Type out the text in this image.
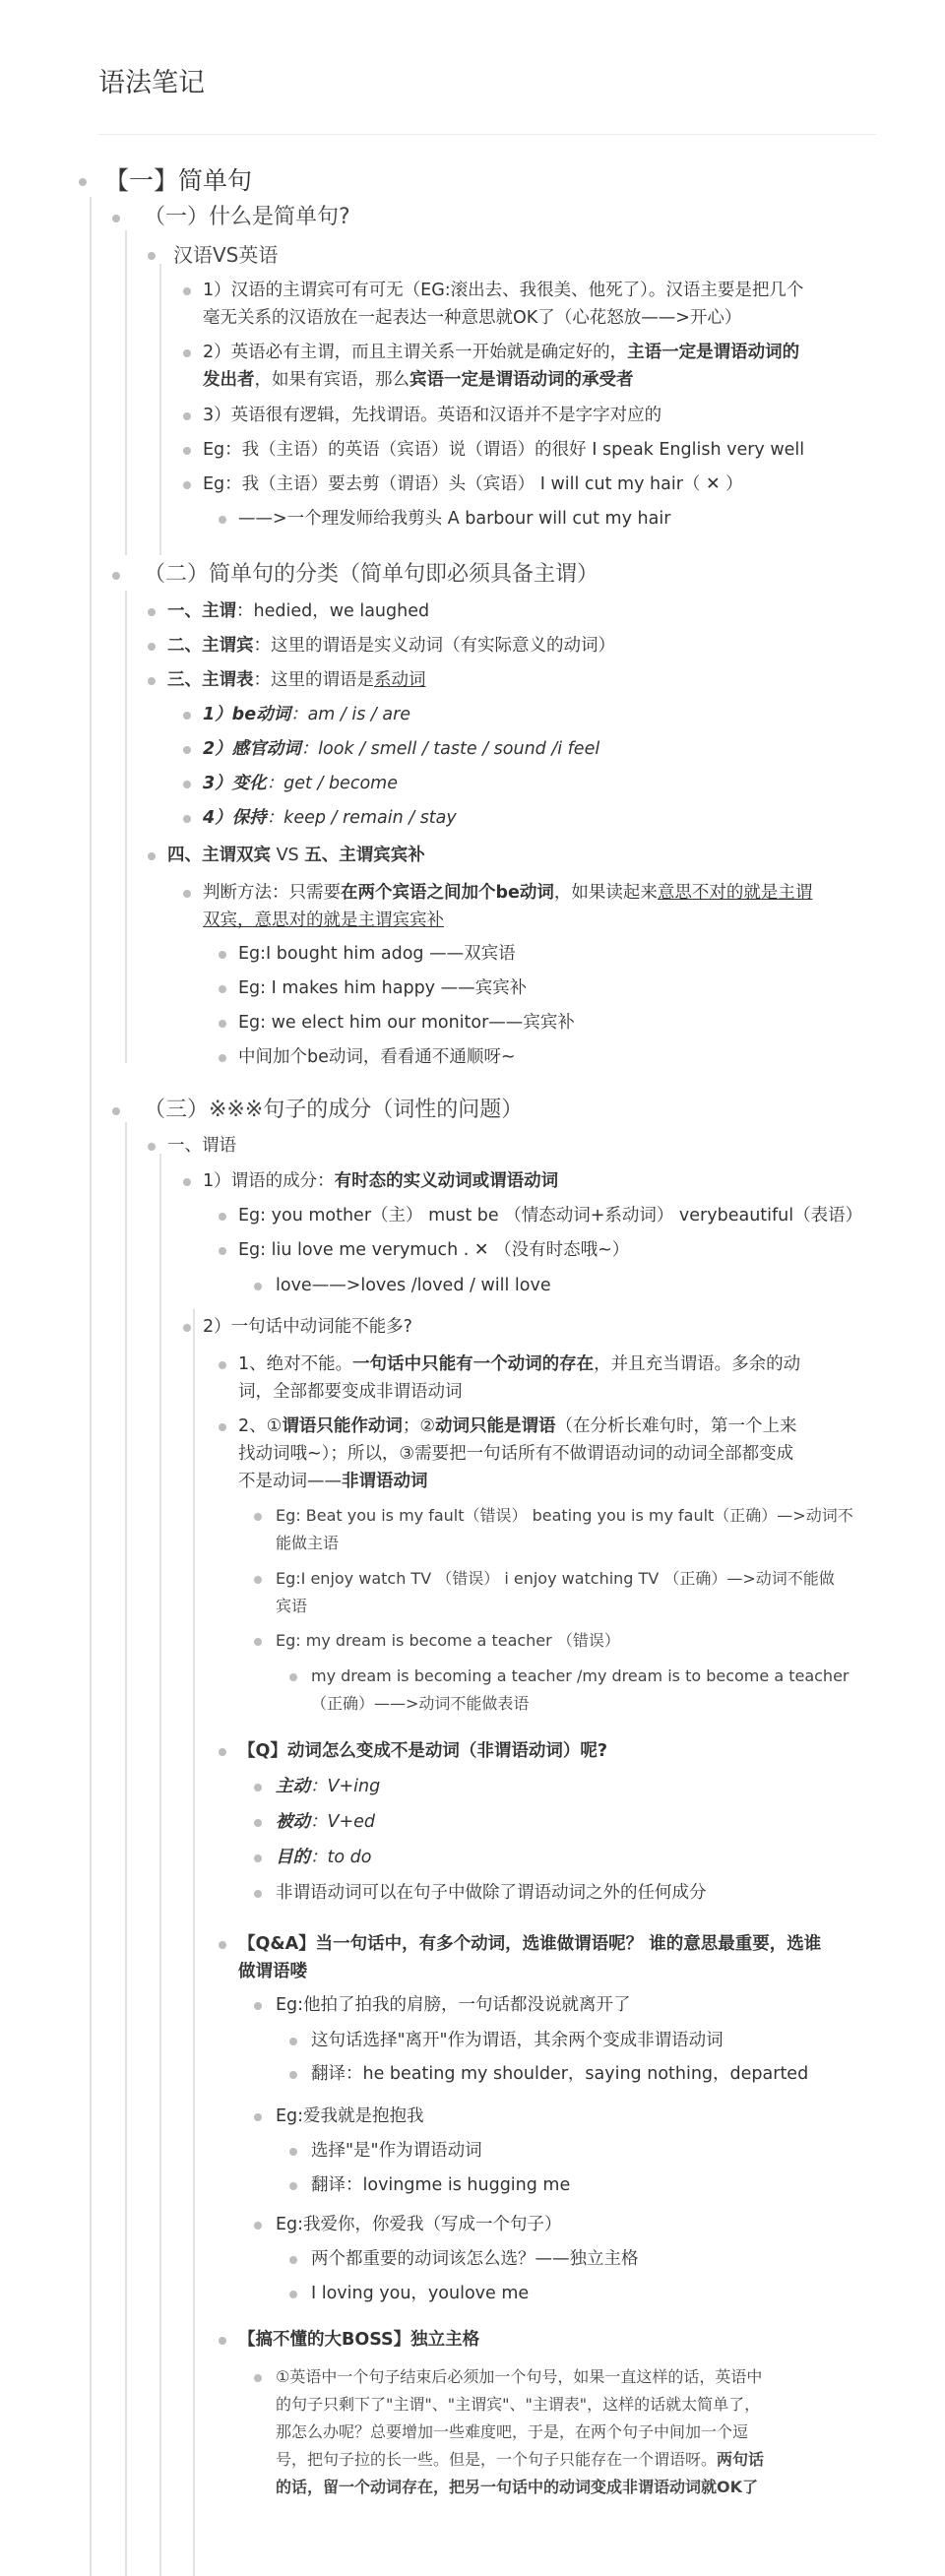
语法笔记
【一】简单句
（一）什么是简单句?
汉语VS英语
1）汉语的主谓宾可有可无（EG:滚出去、我很美、他死了）。汉语主要是把几个
毫无关系的汉语放在一起表达一种意思就OK了（心花怒放——>开心）
2）英语必有主谓，而且主谓关系一开始就是确定好的，主语一定是谓语动词的
发出者，如果有宾语，那么宾语一定是谓语动词的承受者
3）英语很有逻辑，先找谓语。英语和汉语并不是字字对应的
Eg：我（主语）的英语（宾语）说（谓语）的很好 I speak English very well
Eg：我（主语）要去剪（谓语）头（宾语） I will cut my hair（ ✕ ）
——>一个理发师给我剪头 A barbour will cut my hair
（二）简单句的分类（简单句即必须具备主谓）
一、主谓：hedied，we laughed
二、主谓宾：这里的谓语是实义动词（有实际意义的动词）
三、主谓表：这里的谓语是系动词
1）be动词：am / is / are
2）感官动词：look / smell / taste / sound /i feel
3）变化：get / become
4）保持：keep / remain / stay
四、主谓双宾 VS 五、主谓宾宾补
判断方法：只需要在两个宾语之间加个be动词，如果读起来意思不对的就是主谓
双宾，意思对的就是主谓宾宾补
Eg:I bought him adog ——双宾语
Eg: I makes him happy ——宾宾补
Eg: we elect him our monitor——宾宾补
中间加个be动词，看看通不通顺呀~
（三）※※※句子的成分（词性的问题）
一、谓语
1）谓语的成分：有时态的实义动词或谓语动词
Eg: you mother（主） must be （情态动词+系动词） verybeautiful（表语）
Eg: liu love me verymuch . ✕ （没有时态哦~）
love——>loves /loved / will love
2）一句话中动词能不能多?
1、绝对不能。一句话中只能有一个动词的存在，并且充当谓语。多余的动
词，全部都要变成非谓语动词
2、①谓语只能作动词；②动词只能是谓语（在分析长难句时，第一个上来
找动词哦~）；所以，③需要把一句话所有不做谓语动词的动词全部都变成
不是动词——非谓语动词
Eg: Beat you is my fault（错误） beating you is my fault（正确）—>动词不
能做主语
Eg:I enjoy watch TV （错误） i enjoy watching TV （正确）—>动词不能做
宾语
Eg: my dream is become a teacher （错误）
my dream is becoming a teacher /my dream is to become a teacher
（正确）——>动词不能做表语
【Q】动词怎么变成不是动词（非谓语动词）呢?
主动：V+ing
被动：V+ed
目的：to do
非谓语动词可以在句子中做除了谓语动词之外的任何成分
【Q&A】当一句话中，有多个动词，选谁做谓语呢？ 谁的意思最重要，选谁
做谓语喽
Eg:他拍了拍我的肩膀，一句话都没说就离开了
这句话选择"离开"作为谓语，其余两个变成非谓语动词
翻译：he beating my shoulder，saying nothing，departed
Eg:爱我就是抱抱我
选择"是"作为谓语动词
翻译：lovingme is hugging me
Eg:我爱你，你爱我（写成一个句子）
两个都重要的动词该怎么选？——独立主格
I loving you，youlove me
【搞不懂的大BOSS】独立主格
①英语中一个句子结束后必须加一个句号，如果一直这样的话，英语中
的句子只剩下了"主谓"、"主谓宾"、"主谓表"，这样的话就太简单了，
那怎么办呢？总要增加一些难度吧，于是，在两个句子中间加一个逗
号，把句子拉的长一些。但是，一个句子只能存在一个谓语呀。两句话
的话，留一个动词存在，把另一句话中的动词变成非谓语动词就OK了
